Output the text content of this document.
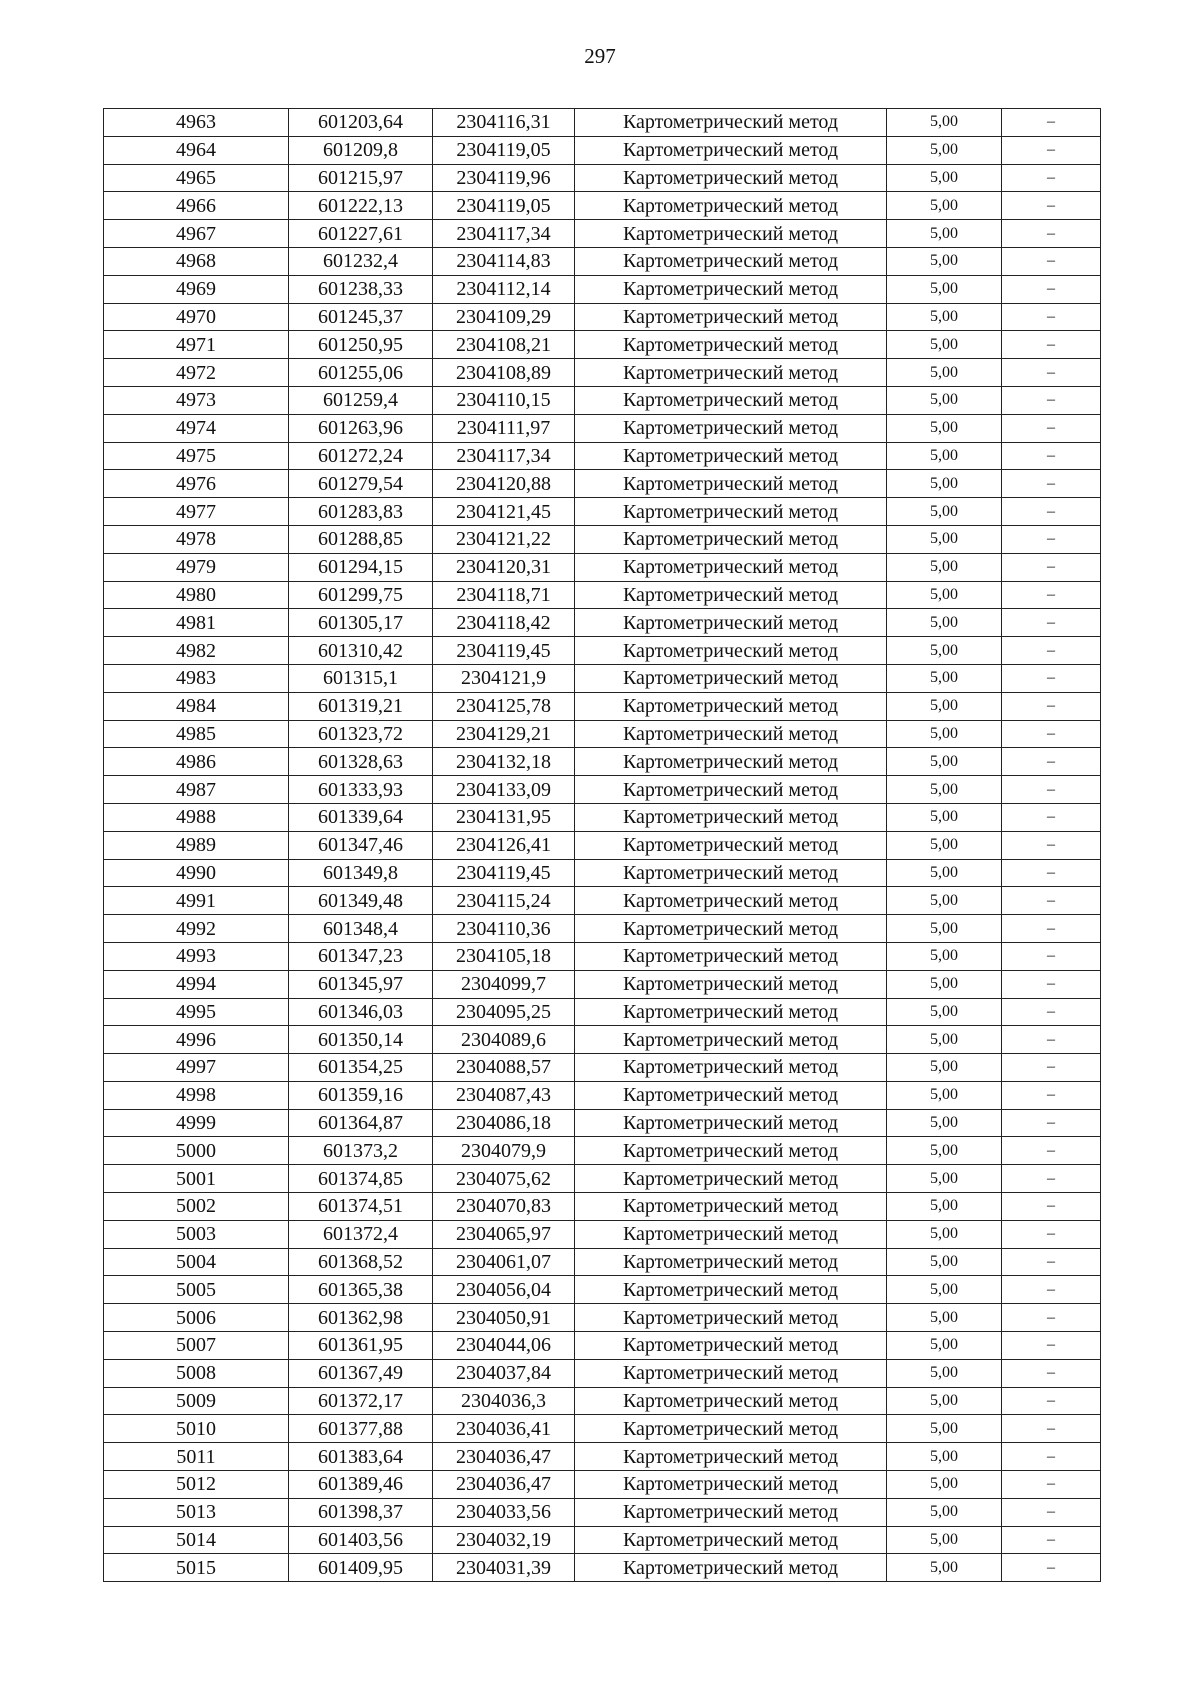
297
4963	601203,64	2304116,31	Картометрический метод	5,00	–
4964	601209,8	2304119,05	Картометрический метод	5,00	–
4965	601215,97	2304119,96	Картометрический метод	5,00	–
4966	601222,13	2304119,05	Картометрический метод	5,00	–
4967	601227,61	2304117,34	Картометрический метод	5,00	–
4968	601232,4	2304114,83	Картометрический метод	5,00	–
4969	601238,33	2304112,14	Картометрический метод	5,00	–
4970	601245,37	2304109,29	Картометрический метод	5,00	–
4971	601250,95	2304108,21	Картометрический метод	5,00	–
4972	601255,06	2304108,89	Картометрический метод	5,00	–
4973	601259,4	2304110,15	Картометрический метод	5,00	–
4974	601263,96	2304111,97	Картометрический метод	5,00	–
4975	601272,24	2304117,34	Картометрический метод	5,00	–
4976	601279,54	2304120,88	Картометрический метод	5,00	–
4977	601283,83	2304121,45	Картометрический метод	5,00	–
4978	601288,85	2304121,22	Картометрический метод	5,00	–
4979	601294,15	2304120,31	Картометрический метод	5,00	–
4980	601299,75	2304118,71	Картометрический метод	5,00	–
4981	601305,17	2304118,42	Картометрический метод	5,00	–
4982	601310,42	2304119,45	Картометрический метод	5,00	–
4983	601315,1	2304121,9	Картометрический метод	5,00	–
4984	601319,21	2304125,78	Картометрический метод	5,00	–
4985	601323,72	2304129,21	Картометрический метод	5,00	–
4986	601328,63	2304132,18	Картометрический метод	5,00	–
4987	601333,93	2304133,09	Картометрический метод	5,00	–
4988	601339,64	2304131,95	Картометрический метод	5,00	–
4989	601347,46	2304126,41	Картометрический метод	5,00	–
4990	601349,8	2304119,45	Картометрический метод	5,00	–
4991	601349,48	2304115,24	Картометрический метод	5,00	–
4992	601348,4	2304110,36	Картометрический метод	5,00	–
4993	601347,23	2304105,18	Картометрический метод	5,00	–
4994	601345,97	2304099,7	Картометрический метод	5,00	–
4995	601346,03	2304095,25	Картометрический метод	5,00	–
4996	601350,14	2304089,6	Картометрический метод	5,00	–
4997	601354,25	2304088,57	Картометрический метод	5,00	–
4998	601359,16	2304087,43	Картометрический метод	5,00	–
4999	601364,87	2304086,18	Картометрический метод	5,00	–
5000	601373,2	2304079,9	Картометрический метод	5,00	–
5001	601374,85	2304075,62	Картометрический метод	5,00	–
5002	601374,51	2304070,83	Картометрический метод	5,00	–
5003	601372,4	2304065,97	Картометрический метод	5,00	–
5004	601368,52	2304061,07	Картометрический метод	5,00	–
5005	601365,38	2304056,04	Картометрический метод	5,00	–
5006	601362,98	2304050,91	Картометрический метод	5,00	–
5007	601361,95	2304044,06	Картометрический метод	5,00	–
5008	601367,49	2304037,84	Картометрический метод	5,00	–
5009	601372,17	2304036,3	Картометрический метод	5,00	–
5010	601377,88	2304036,41	Картометрический метод	5,00	–
5011	601383,64	2304036,47	Картометрический метод	5,00	–
5012	601389,46	2304036,47	Картометрический метод	5,00	–
5013	601398,37	2304033,56	Картометрический метод	5,00	–
5014	601403,56	2304032,19	Картометрический метод	5,00	–
5015	601409,95	2304031,39	Картометрический метод	5,00	–
